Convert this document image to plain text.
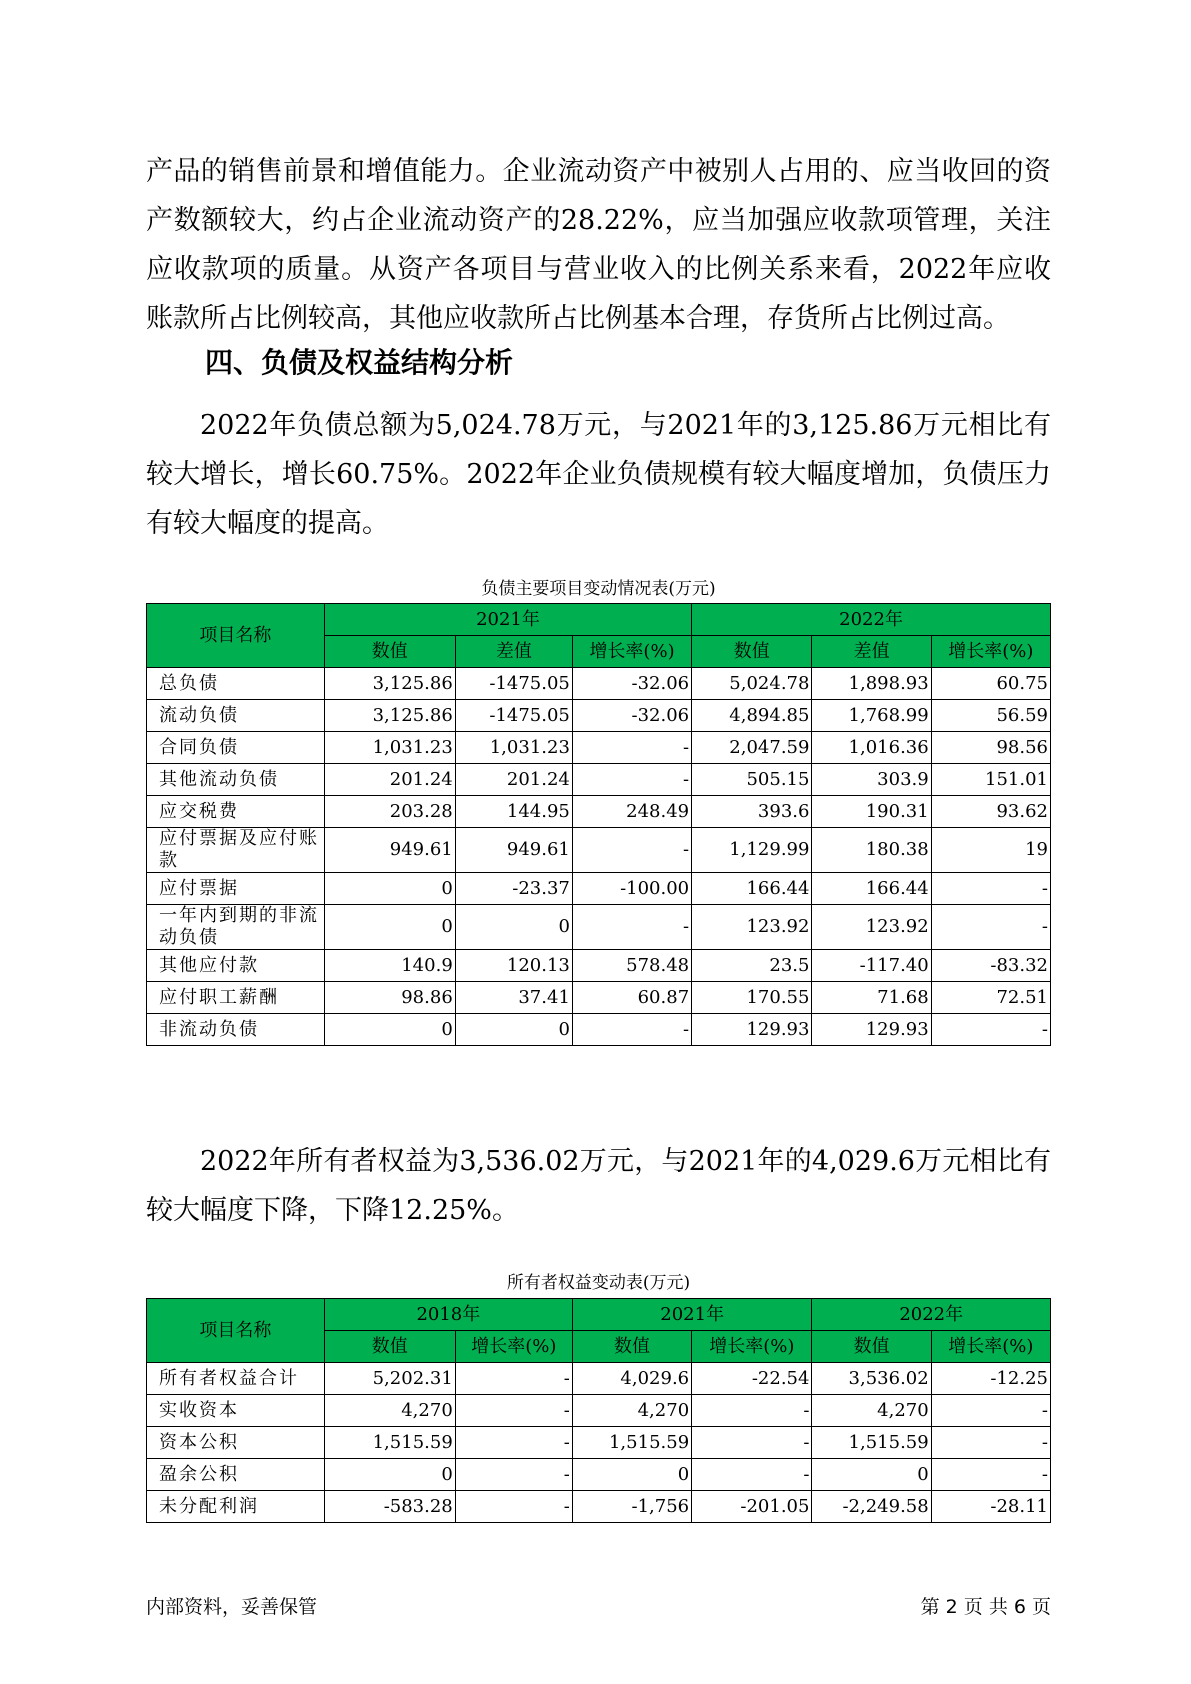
产品的销售前景和增值能力。企业流动资产中被别人占用的、应当收回的资产数额较大，约占企业流动资产的28.22%，应当加强应收款项管理，关注应收款项的质量。从资产各项目与营业收入的比例关系来看，2022年应收账款所占比例较高，其他应收款所占比例基本合理，存货所占比例过高。

四、负债及权益结构分析

2022年负债总额为5,024.78万元，与2021年的3,125.86万元相比有较大增长，增长60.75%。2022年企业负债规模有较大幅度增加，负债压力有较大幅度的提高。

负债主要项目变动情况表(万元)
项目名称	2021年			2022年		
	数值	差值	增长率(%)	数值	差值	增长率(%)
总负债	3,125.86	-1475.05	-32.06	5,024.78	1,898.93	60.75
流动负债	3,125.86	-1475.05	-32.06	4,894.85	1,768.99	56.59
合同负债	1,031.23	1,031.23	-	2,047.59	1,016.36	98.56
其他流动负债	201.24	201.24	-	505.15	303.9	151.01
应交税费	203.28	144.95	248.49	393.6	190.31	93.62
应付票据及应付账款	949.61	949.61	-	1,129.99	180.38	19
应付票据	0	-23.37	-100.00	166.44	166.44	-
一年内到期的非流动负债	0	0	-	123.92	123.92	-
其他应付款	140.9	120.13	578.48	23.5	-117.40	-83.32
应付职工薪酬	98.86	37.41	60.87	170.55	71.68	72.51
非流动负债	0	0	-	129.93	129.93	-

2022年所有者权益为3,536.02万元，与2021年的4,029.6万元相比有较大幅度下降，下降12.25%。

所有者权益变动表(万元)
项目名称	2018年		2021年		2022年	
	数值	增长率(%)	数值	增长率(%)	数值	增长率(%)
所有者权益合计	5,202.31	-	4,029.6	-22.54	3,536.02	-12.25
实收资本	4,270	-	4,270	-	4,270	-
资本公积	1,515.59	-	1,515.59	-	1,515.59	-
盈余公积	0	-	0	-	0	-
未分配利润	-583.28	-	-1,756	-201.05	-2,249.58	-28.11
内部资料，妥善保管	第 2 页 共 6 页
